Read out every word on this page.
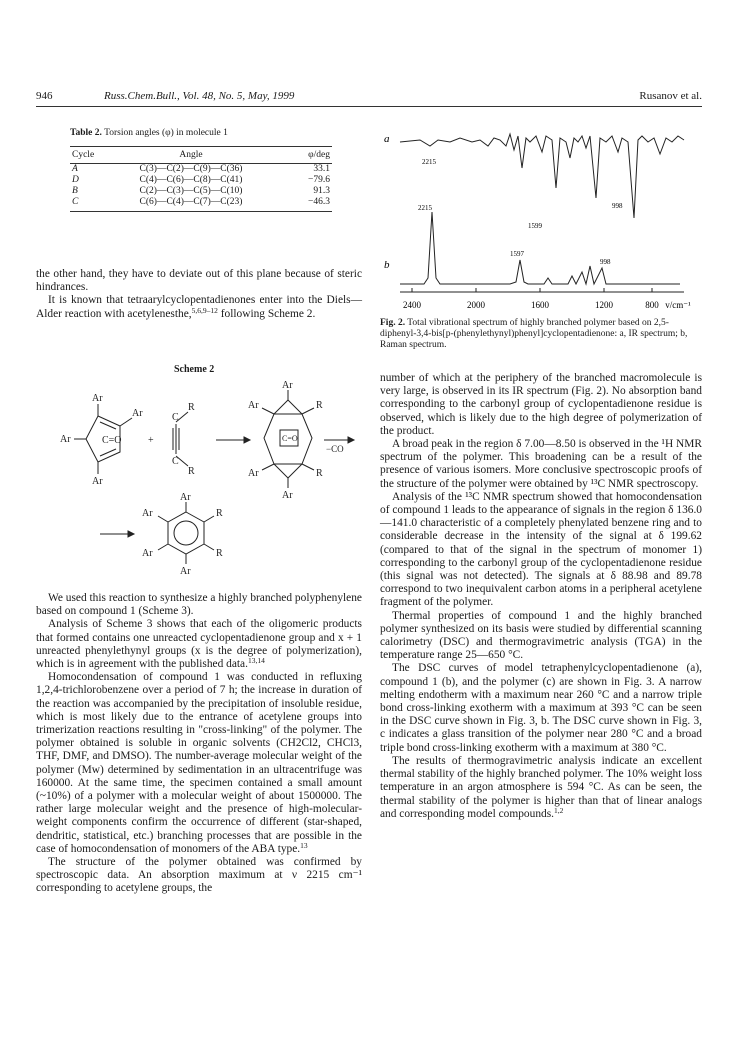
946	Russ.Chem.Bull., Vol. 48, No. 5, May, 1999	Rusanov et al.
Table 2. Torsion angles (φ) in molecule 1
Cycle	Angle	φ/deg
A	C(3)—C(2)—C(9)—C(36)	33.1
D	C(4)—C(6)—C(8)—C(41)	−79.6
B	C(2)—C(3)—C(5)—C(10)	91.3
C	C(6)—C(4)—C(7)—C(23)	−46.3

the other hand, they have to deviate out of this plane because of steric hindrances.

It is known that tetraarylcyclopentadienones enter into the Diels—Alder reaction with acetylenesthe,$^{5,6,9-12}$ following Scheme 2.

Scheme 2
Ar
Ar
Ar
Ar
C=O	+
C
C
R
R
Ar
Ar	R
C=O
Ar	R
Ar
−CO
Ar
Ar	R
Ar	R
Ar

We used this reaction to synthesize a highly branched polyphenylene based on compound 1 (Scheme 3).

Analysis of Scheme 3 shows that each of the oligomeric products that formed contains one unreacted cyclopentadienone group and x + 1 unreacted phenylethynyl groups (x is the degree of polymerization), which is in agreement with the published data.$^{13,14}$

Homocondensation of compound 1 was conducted in refluxing 1,2,4-trichlorobenzene over a period of 7 h; the increase in duration of the reaction was accompanied by the precipitation of insoluble residue, which is most likely due to the entrance of acetylene groups into trimerization reactions resulting in "cross-linking" of the polymer. The polymer obtained is soluble in organic solvents (CH2Cl2, CHCl3, THF, DMF, and DMSO). The number-average molecular weight of the polymer (Mw) determined by sedimentation in an ultracentrifuge was 160000. At the same time, the specimen contained a small amount (~10%) of a polymer with a molecular weight of about 1500000. The rather large molecular weight and the presence of high-molecular-weight components confirm the occurrence of different (star-shaped, dendritic, statistical, etc.) branching processes that are possible in the case of homocondensation of monomers of the ABA type.$^{13}$

The structure of the polymer obtained was confirmed by spectroscopic data. An absorption maximum at ν 2215 cm⁻¹ corresponding to acetylene groups, the

a
b
2215
1599
998
2215
1597
998
2400	2000	1600	1200	800 v/cm⁻¹
Fig. 2. Total vibrational spectrum of highly branched polymer based on 2,5-diphenyl-3,4-bis[p-(phenylethynyl)phenyl]cyclopentadienone: a, IR spectrum; b, Raman spectrum.

number of which at the periphery of the branched macromolecule is very large, is observed in its IR spectrum (Fig. 2). No absorption band corresponding to the carbonyl group of cyclopentadienone residue is observed, which is likely due to the high degree of polymerization of the product.

A broad peak in the region δ 7.00—8.50 is observed in the ¹H NMR spectrum of the polymer. This broadening can be a result of the presence of various isomers. More conclusive spectroscopic proofs of the structure of the polymer were obtained by ¹³C NMR spectroscopy.

Analysis of the ¹³C NMR spectrum showed that homocondensation of compound 1 leads to the appearance of signals in the region δ 136.0—141.0 characteristic of a completely phenylated benzene ring and to considerable decrease in the intensity of the signal at δ 199.62 (compared to that of the signal in the spectrum of monomer 1) corresponding to the carbonyl group of the cyclopentadienone residue (this signal was not detected). The signals at δ 88.98 and 89.78 correspond to two inequivalent carbon atoms in a peripheral acetylene fragment of the polymer.

Thermal properties of compound 1 and the highly branched polymer synthesized on its basis were studied by differential scanning calorimetry (DSC) and thermogravimetric analysis (TGA) in the temperature range 25—650 °C.

The DSC curves of model tetraphenylcyclopentadienone (a), compound 1 (b), and the polymer (c) are shown in Fig. 3. A narrow melting endotherm with a maximum near 260 °C and a narrow triple bond cross-linking exotherm with a maximum at 393 °C can be seen in the DSC curve shown in Fig. 3, b. The DSC curve shown in Fig. 3, c indicates a glass transition of the polymer near 280 °C and a broad triple bond cross-linking exotherm with a maximum at 380 °C.

The results of thermogravimetric analysis indicate an excellent thermal stability of the highly branched polymer. The 10% weight loss temperature in an argon atmosphere is 594 °C. As can be seen, the thermal stability of the polymer is higher than that of linear analogs and corresponding model compounds.$^{1,2}$
